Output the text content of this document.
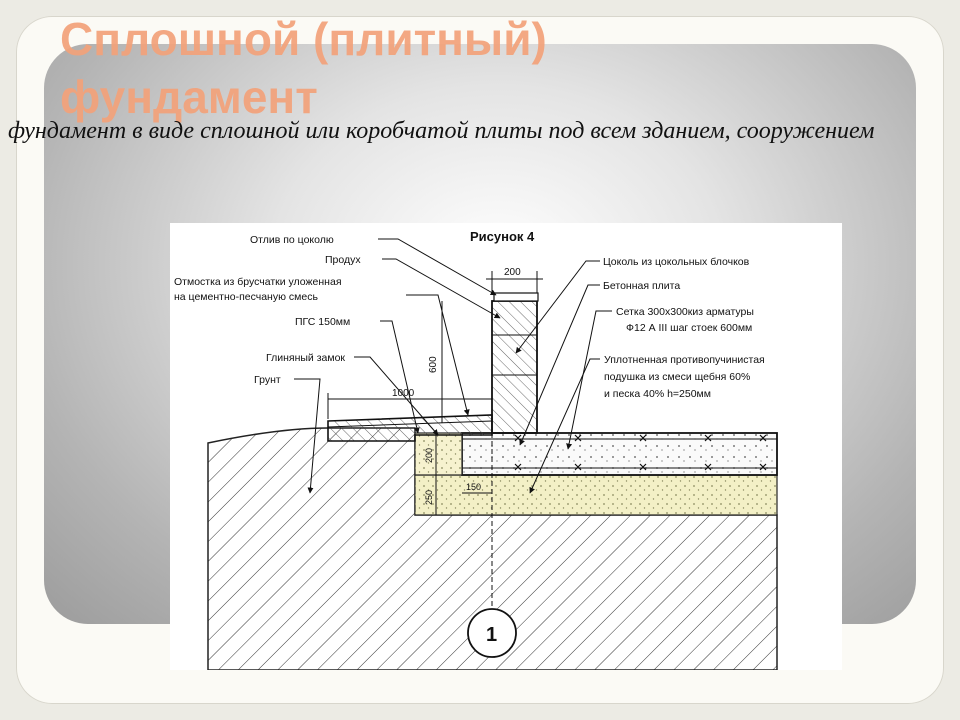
Сплошной (плитный) фундамент

фундамент в виде сплошной или коробчатой плиты под всем зданием, сооружением

Рисунок 4
200
600
1000
200
250
150
1
Отлив по цоколю
Продух
Отмостка из брусчатки уложенная
на цементно-песчаную смесь
ПГС 150мм
Глиняный замок
Грунт
Цоколь из цокольных блочков
Бетонная плита
Сетка 300х300киз арматуры
Ф12 А III шаг стоек 600мм
Уплотненная противопучинистая
подушка из смеси щебня 60%
и песка 40% h=250мм
